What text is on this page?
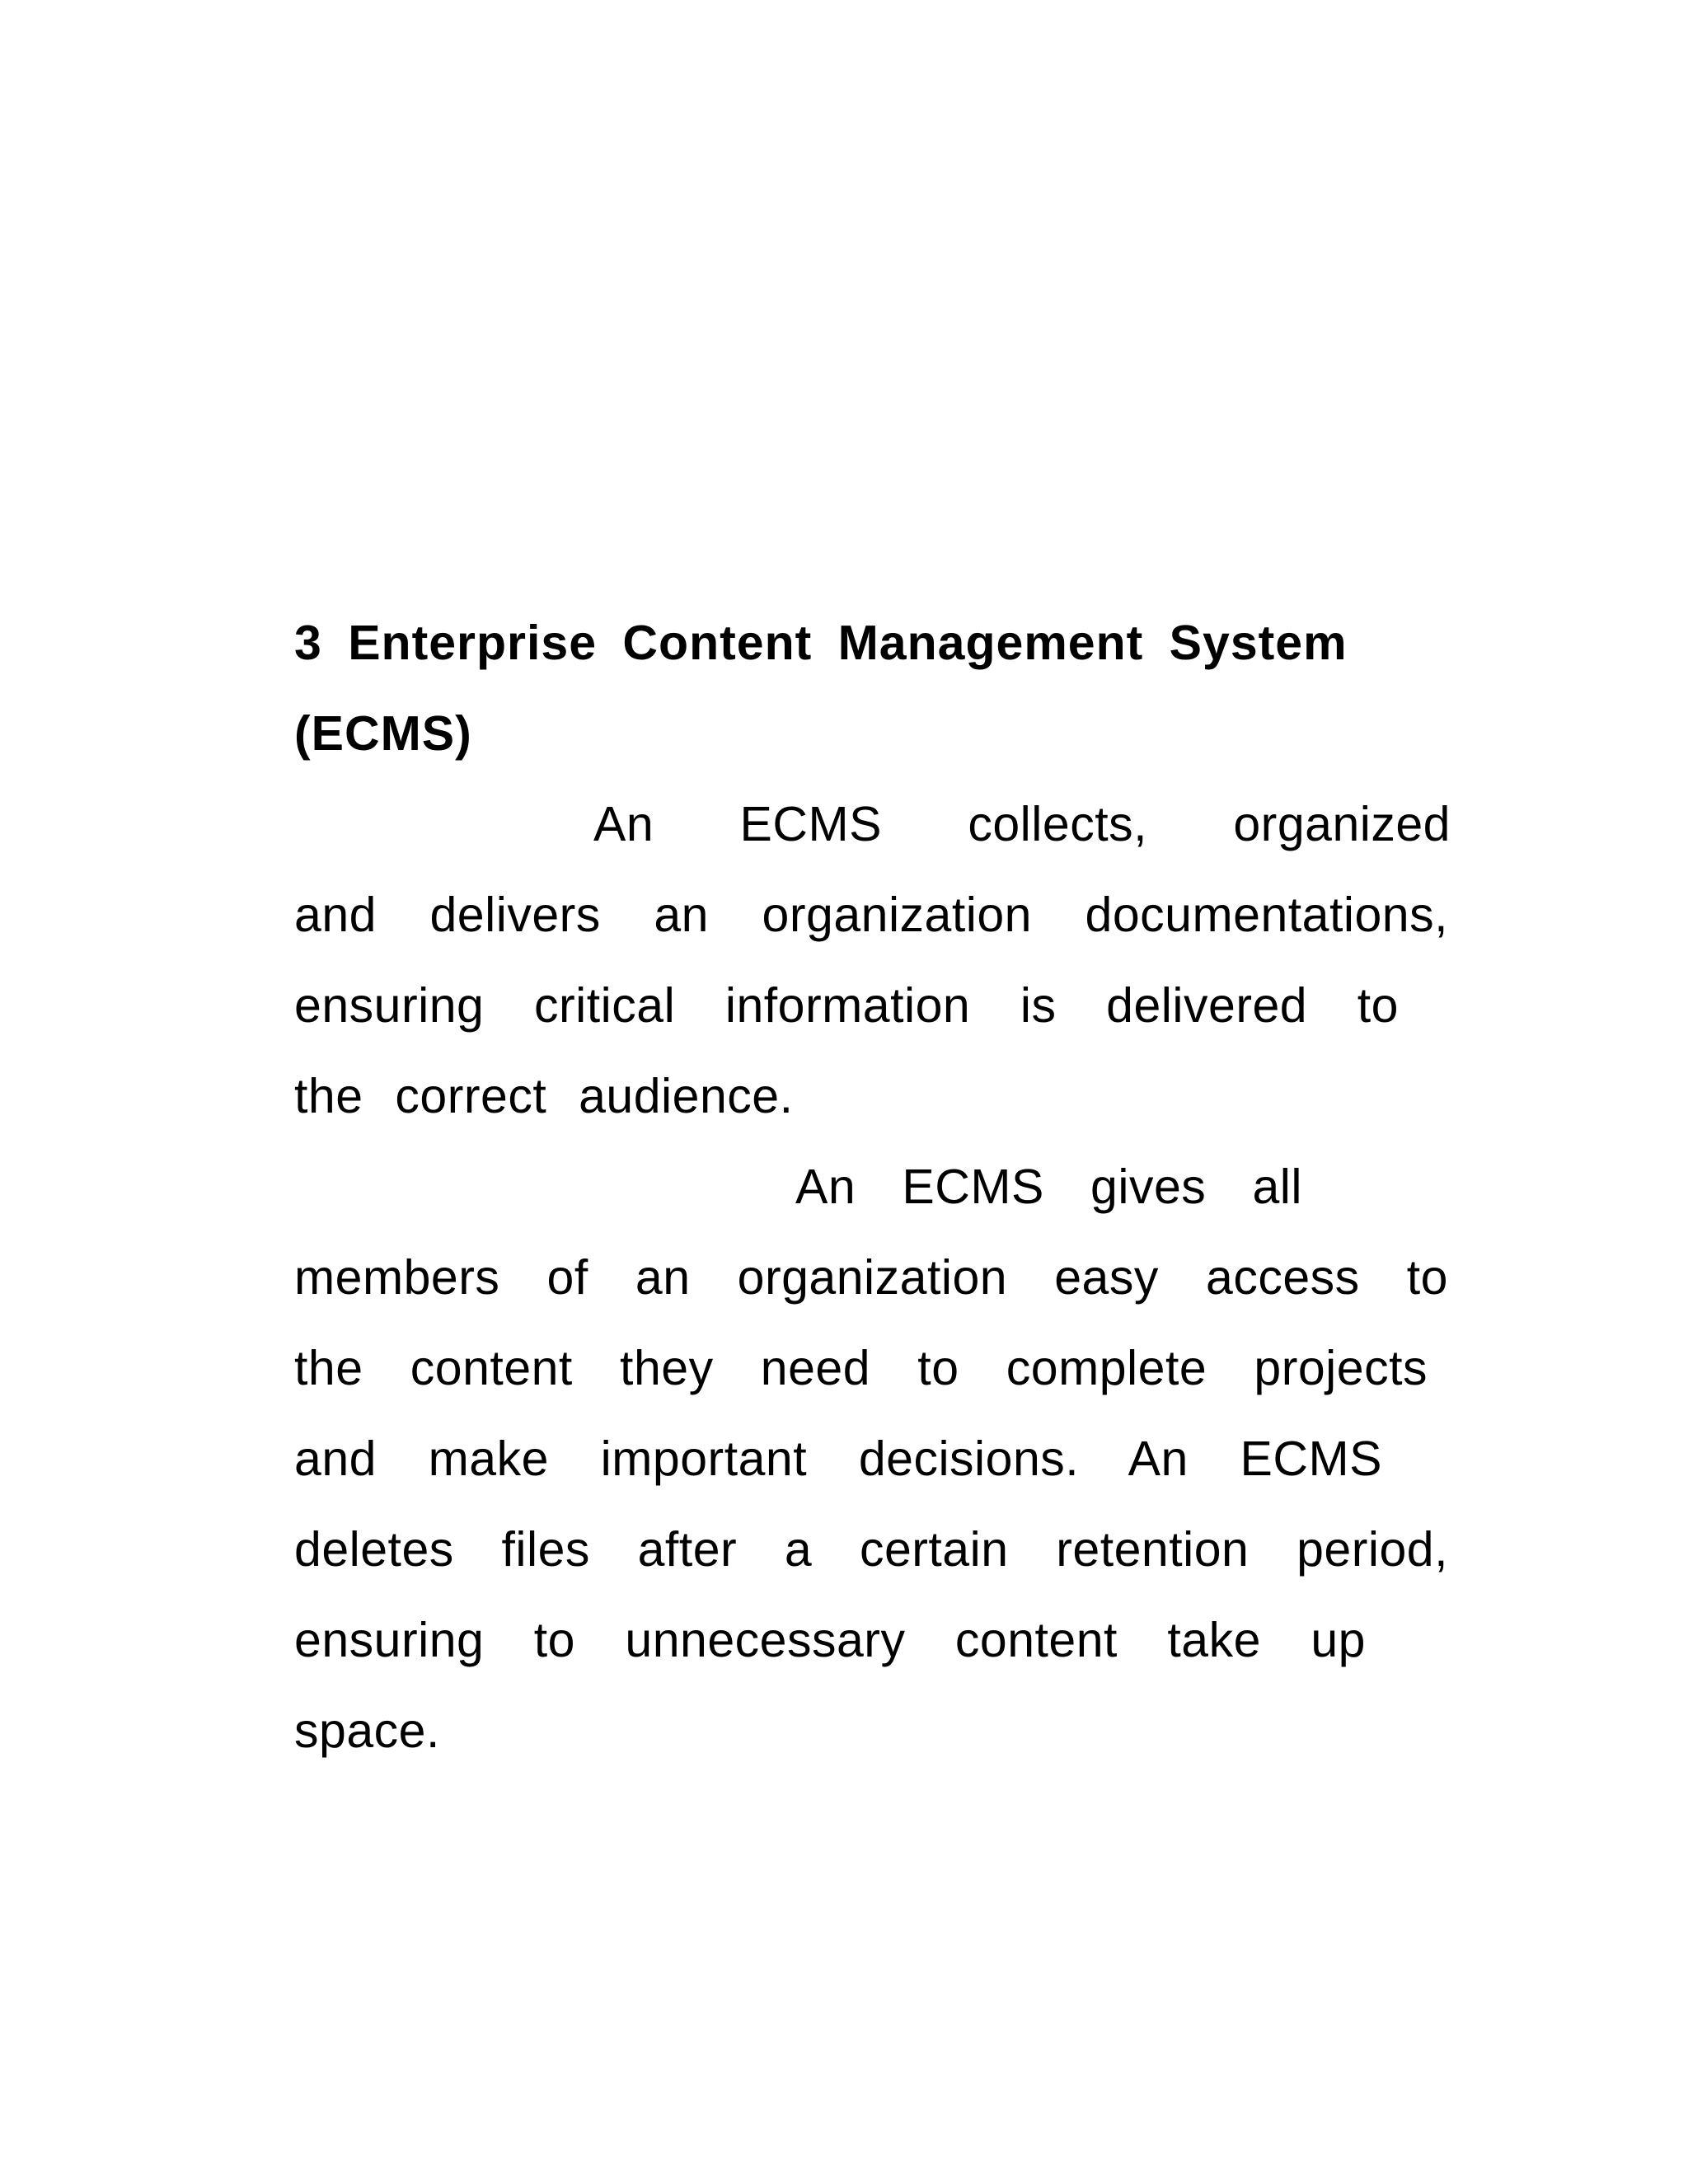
3 Enterprise Content Management System
(ECMS)
An ECMS collects, organized
and delivers an organization documentations,
ensuring critical information is delivered to
the correct audience.
An ECMS gives all
members of an organization easy access to
the content they need to complete projects
and make important decisions. An ECMS
deletes files after a certain retention period,
ensuring to unnecessary content take up
space.
